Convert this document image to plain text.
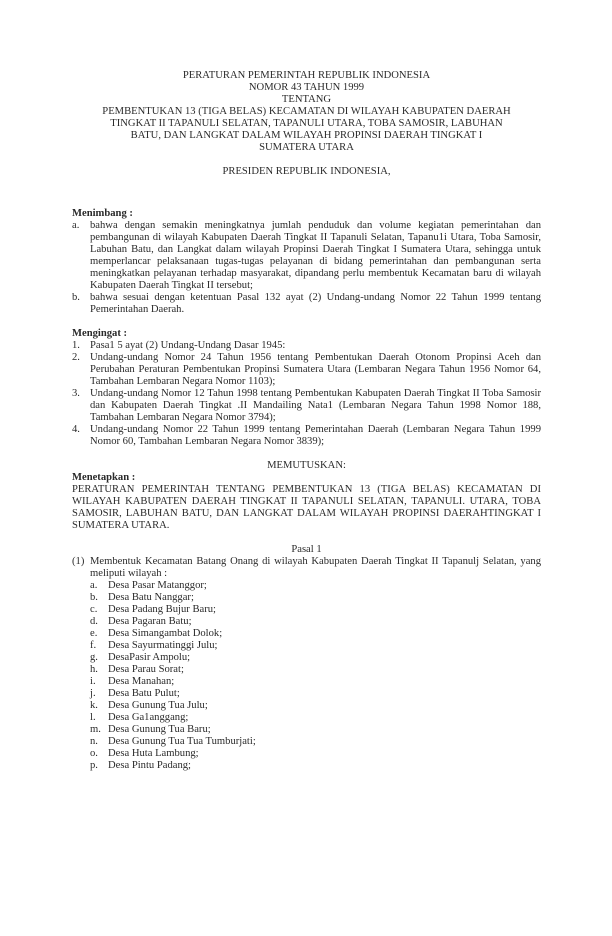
PERATURAN PEMERINTAH REPUBLIK INDONESIA
NOMOR 43 TAHUN 1999
TENTANG
PEMBENTUKAN 13 (TIGA BELAS) KECAMATAN DI WILAYAH KABUPATEN DAERAH
TINGKAT II TAPANULI SELATAN, TAPANULI UTARA, TOBA SAMOSIR, LABUHAN
BATU, DAN LANGKAT DALAM WILAYAH PROPINSI DAERAH TINGKAT I
SUMATERA UTARA
PRESIDEN REPUBLIK INDONESIA,
Menimbang :
a.	bahwa dengan semakin meningkatnya jumlah penduduk dan volume kegiatan pemerintahan dan pembangunan di wilayah Kabupaten Daerah Tingkat II Tapanuli Selatan, Tapanu1i Utara, Toba Samosir, Labuhan Batu, dan Langkat dalam wilayah Propinsi Daerah Tingkat I Sumatera Utara, sehingga untuk memperlancar pelaksanaan tugas-tugas pelayanan di bidang pemerintahan dan pembangunan serta meningkatkan pelayanan terhadap masyarakat, dipandang perlu membentuk Kecamatan baru di wilayah Kabupaten Daerah Tingkat II tersebut;
b. bahwa sesuai dengan ketentuan Pasal 132 ayat (2) Undang-undang Nomor 22 Tahun 1999 tentang Pemerintahan Daerah.
Mengingat :
1. Pasa1 5 ayat (2) Undang-Undang Dasar 1945:
2. Undang-undang Nomor 24 Tahun 1956 tentang Pembentukan Daerah Otonom Propinsi Aceh dan Perubahan Peraturan Pembentukan Propinsi Sumatera Utara (Lembaran Negara Tahun 1956 Nomor 64, Tambahan Lembaran Negara Nomor 1103);
3. Undang-undang Nomor 12 Tahun 1998 tentang Pembentukan Kabupaten Daerah Tingkat II Toba Samosir dan Kabupaten Daerah Tingkat .II Mandailing Nata1 (Lembaran Negara Tahun 1998 Nomor 188, Tambahan Lembaran Negara Nomor 3794);
4. Undang-undang Nomor 22 Tahun 1999 tentang Pemerintahan Daerah (Lembaran Negara Tahun 1999 Nomor 60, Tambahan Lembaran Negara Nomor 3839);
MEMUTUSKAN:
Menetapkan :
PERATURAN PEMERINTAH TENTANG PEMBENTUKAN 13 (TIGA BELAS) KECAMATAN DI WILAYAH KABUPATEN DAERAH TINGKAT II TAPANULI SELATAN, TAPANULI. UTARA, TOBA SAMOSIR, LABUHAN BATU, DAN LANGKAT DALAM WILAYAH PROPINSI DAERAHTINGKAT I SUMATERA UTARA.
Pasal 1
(1) Membentuk Kecamatan Batang Onang di wilayah Kabupaten Daerah Tingkat II Tapanulj Selatan, yang meliputi wilayah :
a.	Desa Pasar Matanggor;
b. Desa Batu Nanggar;
c.	Desa Padang Bujur Baru;
d. Desa Pagaran Batu;
e.	Desa Simangambat Dolok;
f.	Desa Sayurmatinggi Julu;
g. DesaPasir Ampolu;
h. Desa Parau Sorat;
i.	Desa Manahan;
j.	Desa Batu Pulut;
k. Desa Gunung Tua Julu;
l.	Desa Ga1anggang;
m. Desa Gunung Tua Baru;
n. Desa Gunung Tua Tua Tumburjati;
o. Desa Huta Lambung;
p. Desa Pintu Padang;
